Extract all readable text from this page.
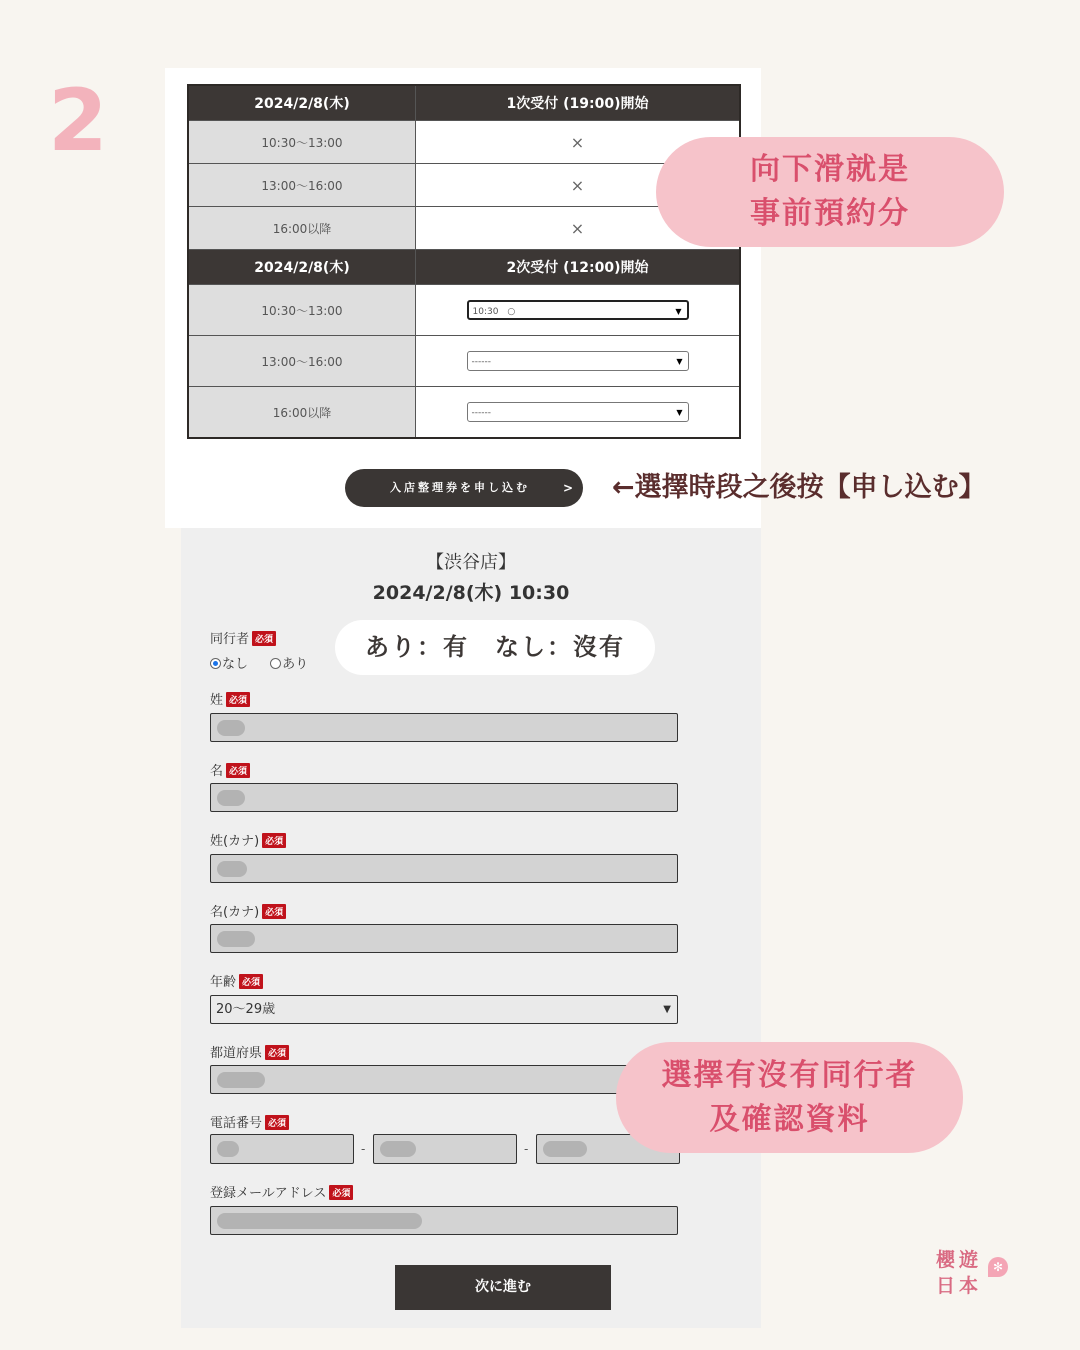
2	2024/2/8(木)	1次受付 (19:00)開始
10:30～13:00	×
13:00～16:00	×
16:00以降	×
2024/2/8(木)	2次受付 (12:00)開始
10:30～13:00	10:30　○ ▼

13:00～16:00	------ ▼

16:00以降	------ ▼
入店整理券を申し込む	>
【渋谷店】
2024/2/8(木) 10:30
同行者 必須
なし	あり
姓 必須
名 必須
姓(カナ) 必須
名(カナ) 必須
年齢 必須
20～29歳	▼
都道府県 必須
電話番号 必須
-	-
登録メールアドレス 必須
次に進む
向下滑就是
事前預約分
←選擇時段之後按【申し込む】
あり：有　なし：沒有
選擇有沒有同行者
及確認資料
櫻遊
日本
✻
